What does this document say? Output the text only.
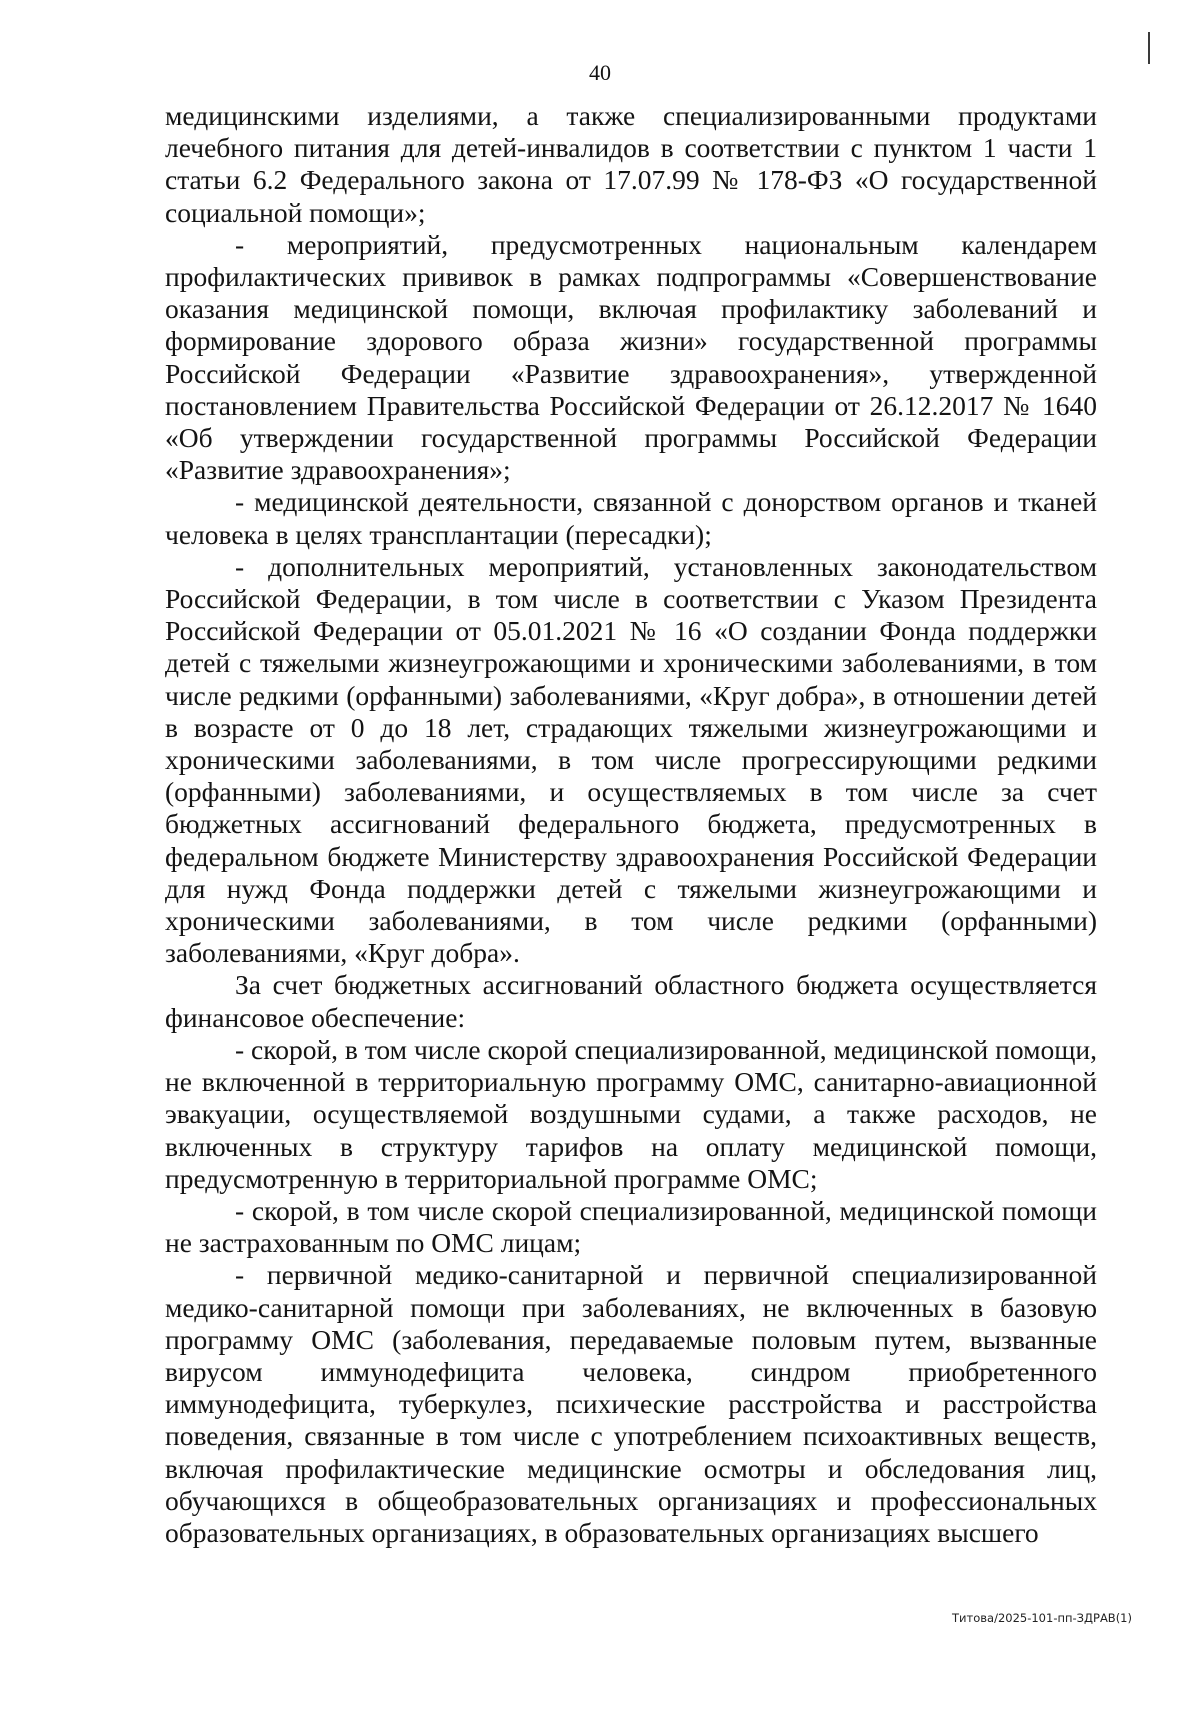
40

медицинскими изделиями, а также специализированными продуктами лечебного питания для детей-инвалидов в соответствии с пунктом 1 части 1 статьи 6.2 Федерального закона от 17.07.99 № 178-ФЗ «О государственной социальной помощи»;

- мероприятий, предусмотренных национальным календарем профилактических прививок в рамках подпрограммы «Совершенствование оказания медицинской помощи, включая профилактику заболеваний и формирование здорового образа жизни» государственной программы Российской Федерации «Развитие здравоохранения», утвержденной постановлением Правительства Российской Федерации от 26.12.2017 № 1640 «Об утверждении государственной программы Российской Федерации «Развитие здравоохранения»;

- медицинской деятельности, связанной с донорством органов и тканей человека в целях трансплантации (пересадки);

- дополнительных мероприятий, установленных законодательством Российской Федерации, в том числе в соответствии с Указом Президента Российской Федерации от 05.01.2021 № 16 «О создании Фонда поддержки детей с тяжелыми жизнеугрожающими и хроническими заболеваниями, в том числе редкими (орфанными) заболеваниями, «Круг добра», в отношении детей в возрасте от 0 до 18 лет, страдающих тяжелыми жизнеугрожающими и хроническими заболеваниями, в том числе прогрессирующими редкими (орфанными) заболеваниями, и осуществляемых в том числе за счет бюджетных ассигнований федерального бюджета, предусмотренных в федеральном бюджете Министерству здравоохранения Российской Федерации для нужд Фонда поддержки детей с тяжелыми жизнеугрожающими и хроническими заболеваниями, в том числе редкими (орфанными) заболеваниями, «Круг добра».

За счет бюджетных ассигнований областного бюджета осуществляется финансовое обеспечение:

- скорой, в том числе скорой специализированной, медицинской помощи, не включенной в территориальную программу ОМС, санитарно-авиационной эвакуации, осуществляемой воздушными судами, а также расходов, не включенных в структуру тарифов на оплату медицинской помощи, предусмотренную в территориальной программе ОМС;

- скорой, в том числе скорой специализированной, медицинской помощи не застрахованным по ОМС лицам;

- первичной медико-санитарной и первичной специализированной медико-санитарной помощи при заболеваниях, не включенных в базовую программу ОМС (заболевания, передаваемые половым путем, вызванные вирусом иммунодефицита человека, синдром приобретенного иммунодефицита, туберкулез, психические расстройства и расстройства поведения, связанные в том числе с употреблением психоактивных веществ, включая профилактические медицинские осмотры и обследования лиц, обучающихся в общеобразовательных организациях и профессиональных образовательных организациях, в образовательных организациях высшего

Титова/2025-101-пп-ЗДРАВ(1)
